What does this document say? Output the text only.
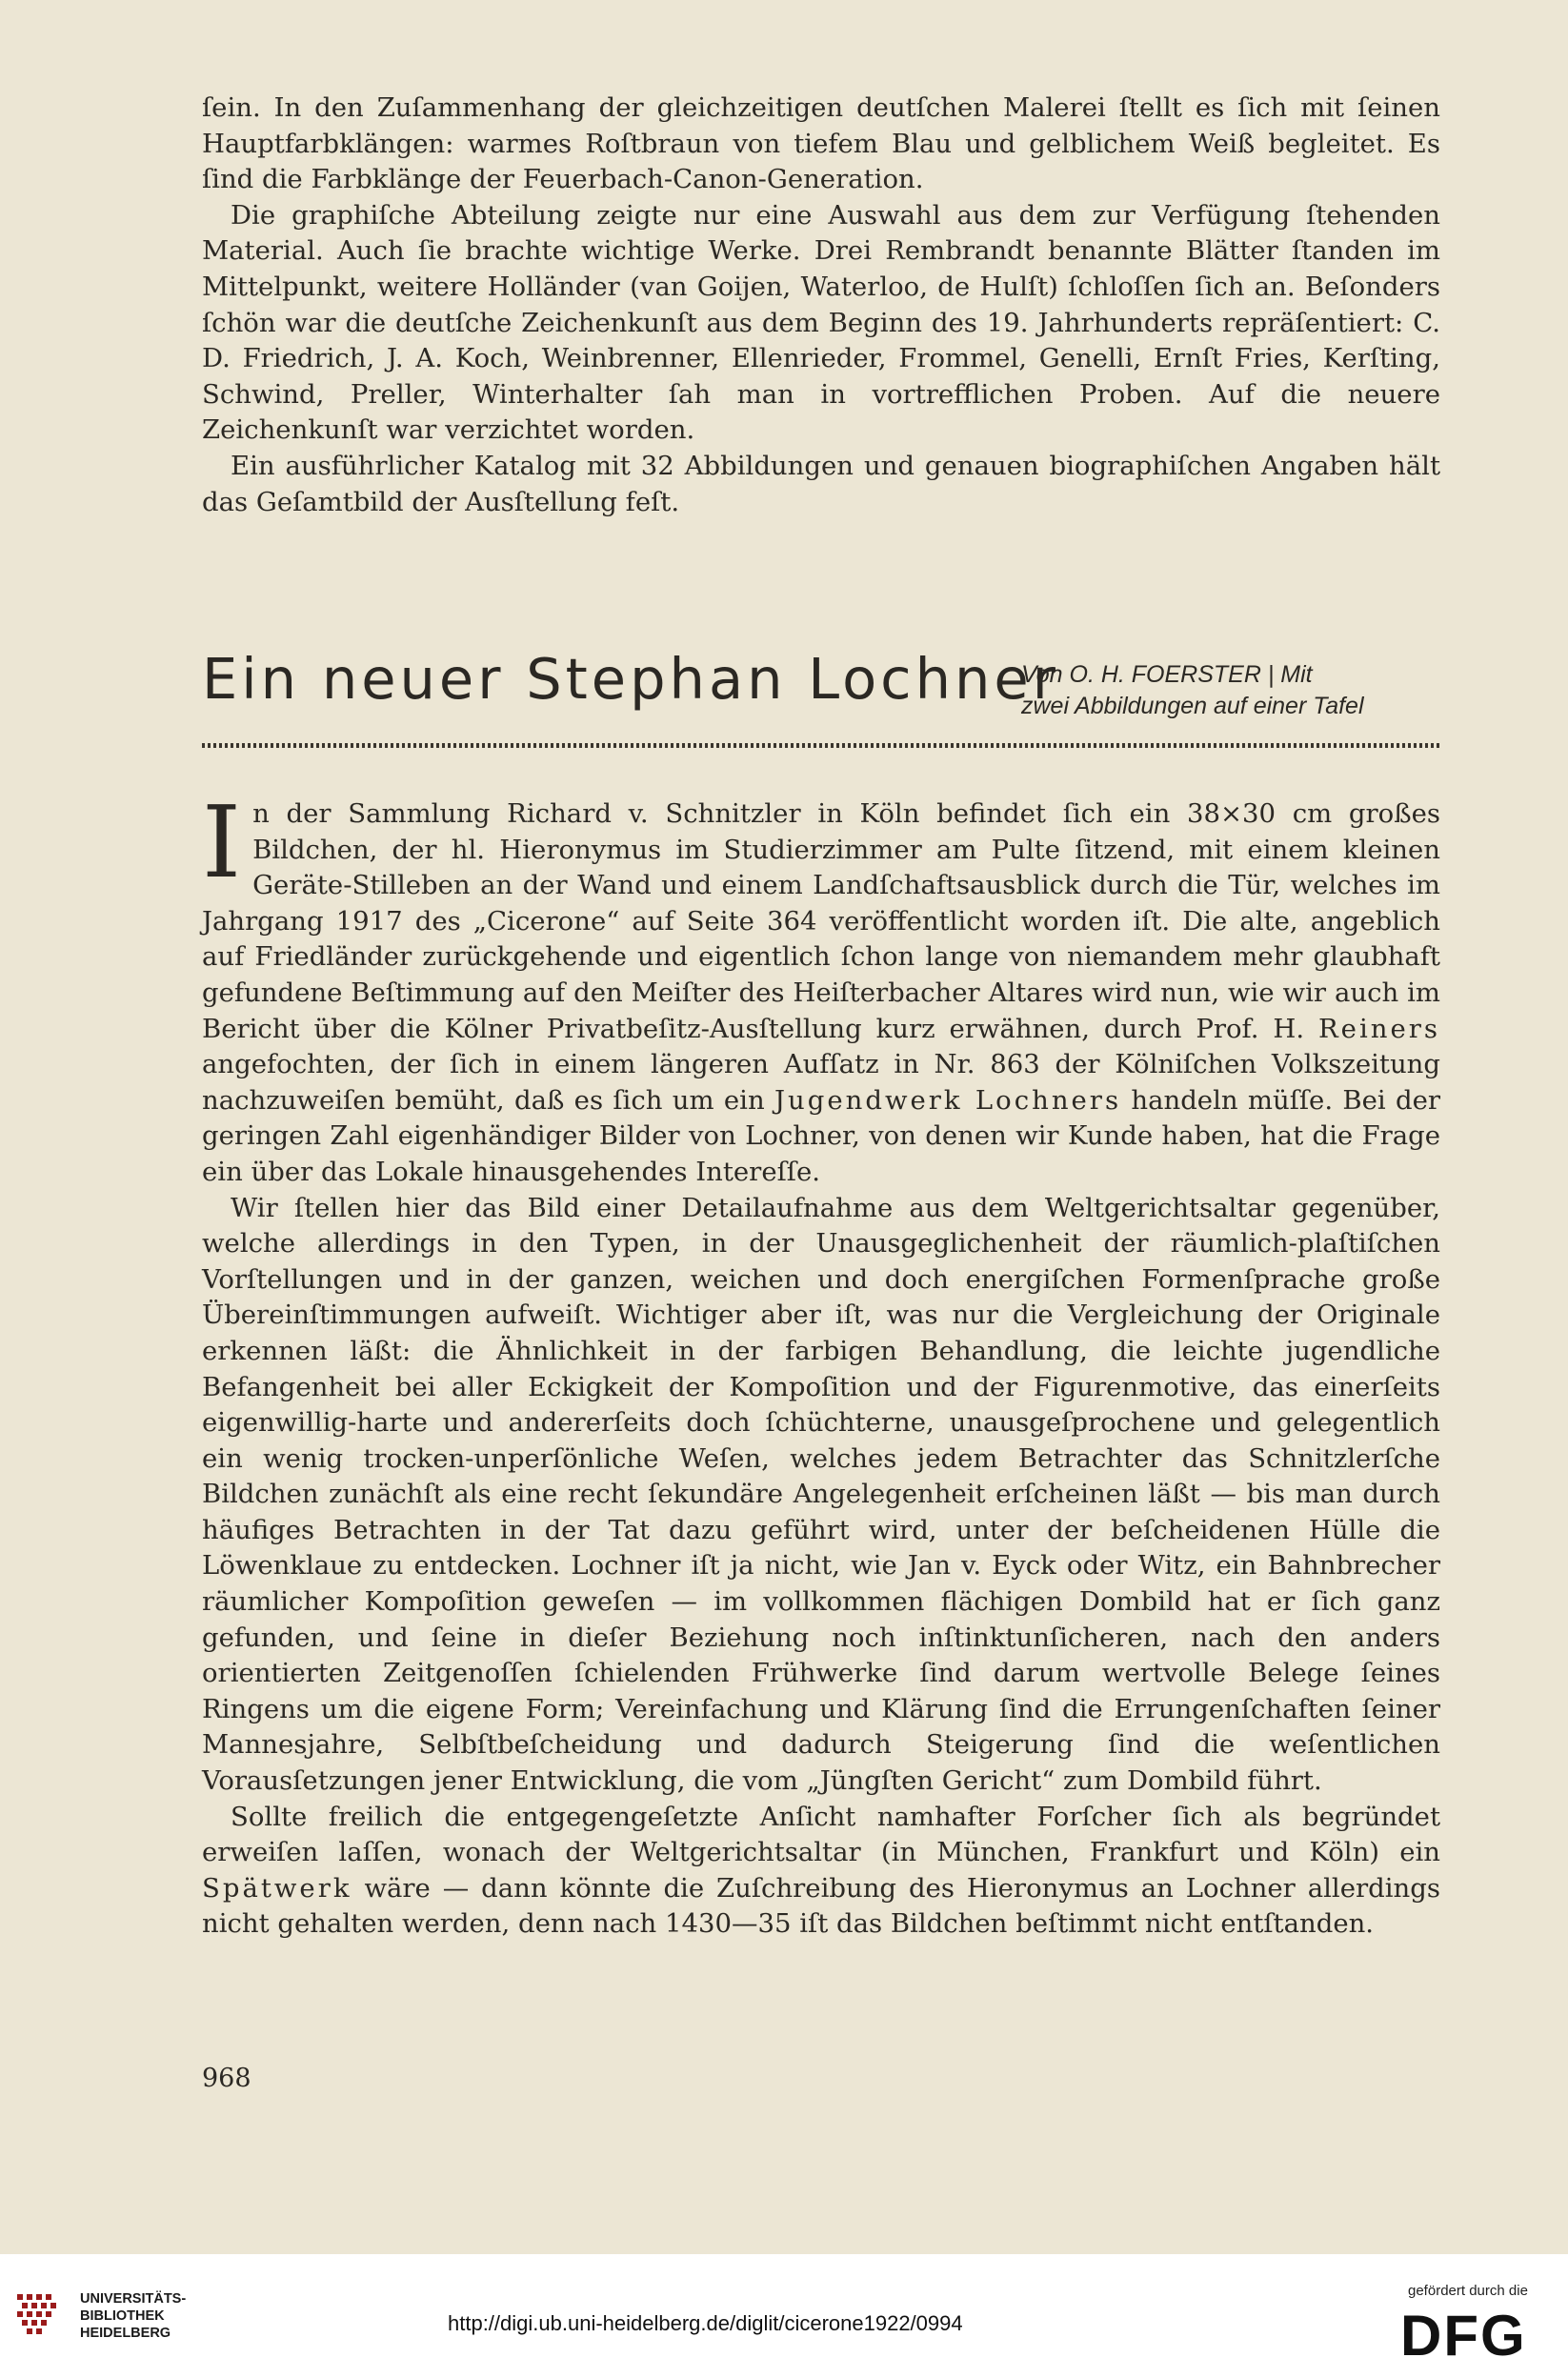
ſein. In den Zuſammenhang der gleichzeitigen deutſchen Malerei ſtellt es ſich mit ſeinen Hauptfarbklängen: warmes Roſtbraun von tiefem Blau und gelblichem Weiß begleitet. Es ſind die Farbklänge der Feuerbach-Canon-Generation.

Die graphiſche Abteilung zeigte nur eine Auswahl aus dem zur Verfügung ſtehenden Material. Auch ſie brachte wichtige Werke. Drei Rembrandt benannte Blätter ſtanden im Mittelpunkt, weitere Holländer (van Goijen, Waterloo, de Hulſt) ſchloſſen ſich an. Beſonders ſchön war die deutſche Zeichenkunſt aus dem Beginn des 19. Jahrhunderts repräſentiert: C. D. Friedrich, J. A. Koch, Weinbrenner, Ellenrieder, Frommel, Genelli, Ernſt Fries, Kerſting, Schwind, Preller, Winterhalter ſah man in vortrefflichen Proben. Auf die neuere Zeichenkunſt war verzichtet worden.

Ein ausführlicher Katalog mit 32 Abbildungen und genauen biographiſchen Angaben hält das Geſamtbild der Ausſtellung feſt.

Ein neuer Stephan Lochner
Von O. H. FOERSTER | Mit
zwei Abbildungen auf einer Tafel

In der Sammlung Richard v. Schnitzler in Köln befindet ſich ein 38×30 cm großes Bildchen, der hl. Hieronymus im Studierzimmer am Pulte ſitzend, mit einem kleinen Geräte-Stilleben an der Wand und einem Landſchaftsausblick durch die Tür, welches im Jahrgang 1917 des „Cicerone“ auf Seite 364 veröffentlicht worden iſt. Die alte, angeblich auf Friedländer zurückgehende und eigentlich ſchon lange von niemandem mehr glaubhaft gefundene Beſtimmung auf den Meiſter des Heiſterbacher Altares wird nun, wie wir auch im Bericht über die Kölner Privatbeſitz-Ausſtellung kurz erwähnen, durch Prof. H. Reiners angefochten, der ſich in einem längeren Aufſatz in Nr. 863 der Kölniſchen Volkszeitung nachzuweiſen bemüht, daß es ſich um ein Jugendwerk Lochners handeln müſſe. Bei der geringen Zahl eigenhändiger Bilder von Lochner, von denen wir Kunde haben, hat die Frage ein über das Lokale hinausgehendes Intereſſe.

Wir ſtellen hier das Bild einer Detailaufnahme aus dem Weltgerichtsaltar gegenüber, welche allerdings in den Typen, in der Unausgeglichenheit der räumlich-plaſtiſchen Vorſtellungen und in der ganzen, weichen und doch energiſchen Formenſprache große Übereinſtimmungen aufweiſt. Wichtiger aber iſt, was nur die Vergleichung der Originale erkennen läßt: die Ähnlichkeit in der farbigen Behandlung, die leichte jugendliche Befangenheit bei aller Eckigkeit der Kompoſition und der Figurenmotive, das einerſeits eigenwillig-harte und andererſeits doch ſchüchterne, unausgeſprochene und gelegentlich ein wenig trocken-unperſönliche Weſen, welches jedem Betrachter das Schnitzlerſche Bildchen zunächſt als eine recht ſekundäre Angelegenheit erſcheinen läßt — bis man durch häufiges Betrachten in der Tat dazu geführt wird, unter der beſcheidenen Hülle die Löwenklaue zu entdecken. Lochner iſt ja nicht, wie Jan v. Eyck oder Witz, ein Bahnbrecher räumlicher Kompoſition geweſen — im vollkommen flächigen Dombild hat er ſich ganz gefunden, und ſeine in dieſer Beziehung noch inſtinktunſicheren, nach den anders orientierten Zeitgenoſſen ſchielenden Frühwerke ſind darum wertvolle Belege ſeines Ringens um die eigene Form; Vereinfachung und Klärung ſind die Errungenſchaften ſeiner Mannesjahre, Selbſtbeſcheidung und dadurch Steigerung ſind die weſentlichen Vorausſetzungen jener Entwicklung, die vom „Jüngſten Gericht“ zum Dombild führt.

Sollte freilich die entgegengeſetzte Anſicht namhafter Forſcher ſich als begründet erweiſen laſſen, wonach der Weltgerichtsaltar (in München, Frankfurt und Köln) ein Spätwerk wäre — dann könnte die Zuſchreibung des Hieronymus an Lochner allerdings nicht gehalten werden, denn nach 1430—35 iſt das Bildchen beſtimmt nicht entſtanden.

968
UNIVERSITÄTS-
BIBLIOTHEK
HEIDELBERG	http://digi.ub.uni-heidelberg.de/diglit/cicerone1922/0994
gefördert durch die
DFG
